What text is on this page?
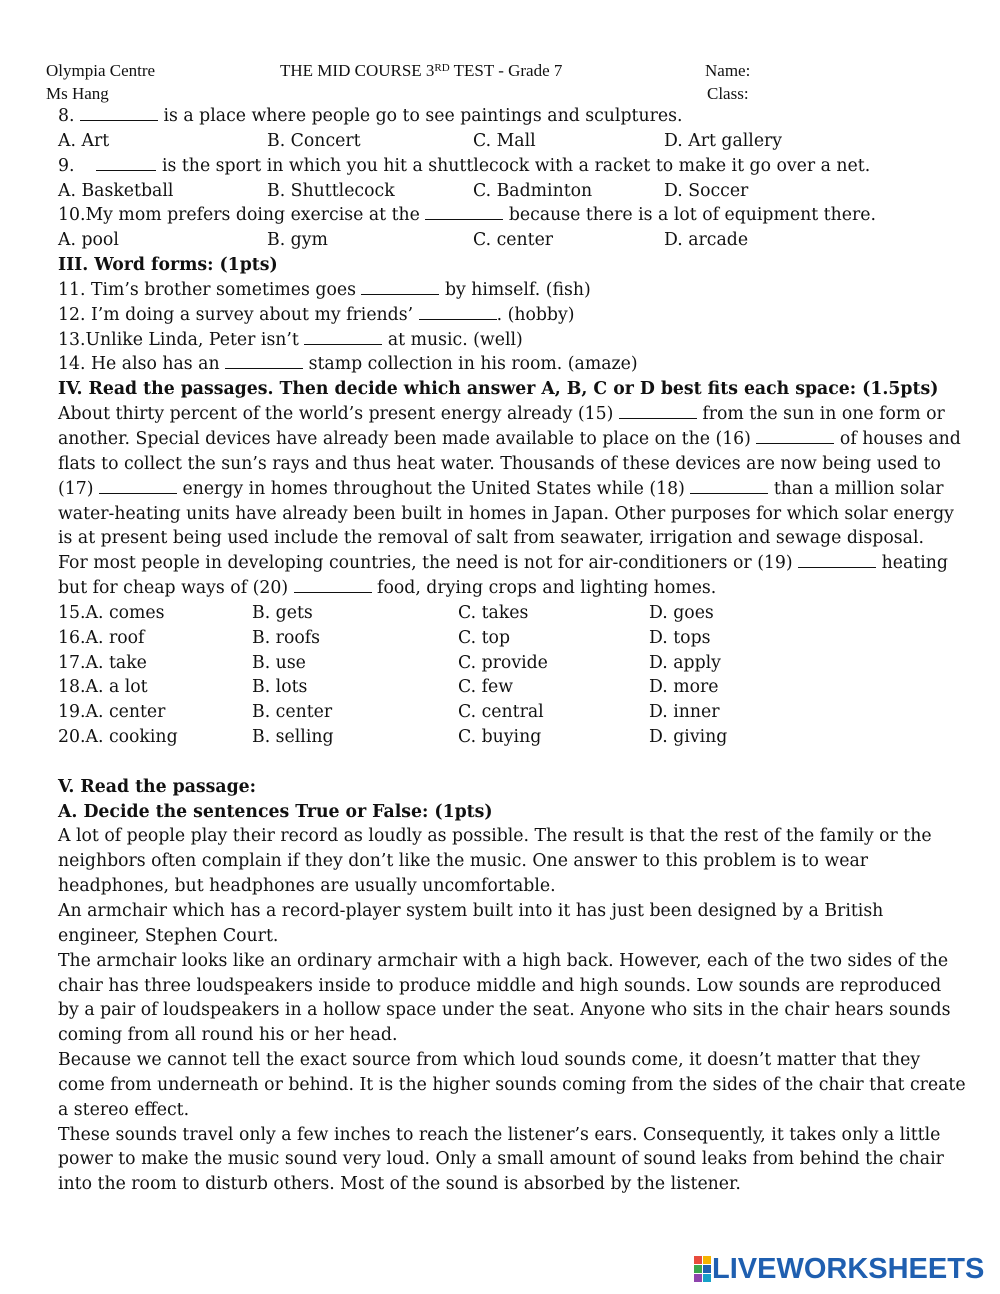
Olympia Centre
Ms Hang
THE MID COURSE 3RD TEST - Grade 7	Name:
Class:
8.	is a place where people go to see paintings and sculptures.
A. Art	B. Concert	C. Mall	D. Art gallery
9.	is the sport in which you hit a shuttlecock with a racket to make it go over a net.
A. Basketball	B. Shuttlecock	C. Badminton	D. Soccer
10.My mom prefers doing exercise at the	because there is a lot of equipment there.
A. pool	B. gym	C. center	D. arcade
III. Word forms: (1pts)
11. Tim’s brother sometimes goes	by himself. (fish)
12. I’m doing a survey about my friends’	. (hobby)
13.Unlike Linda, Peter isn’t	at music. (well)
14. He also has an	stamp collection in his room. (amaze)
IV. Read the passages. Then decide which answer A, B, C or D best fits each space: (1.5pts)
About thirty percent of the world’s present energy already (15)	from the sun in one form or
another. Special devices have already been made available to place on the (16)	of houses and
flats to collect the sun’s rays and thus heat water. Thousands of these devices are now being used to
(17)	energy in homes throughout the United States while (18)	than a million solar
water-heating units have already been built in homes in Japan. Other purposes for which solar energy
is at present being used include the removal of salt from seawater, irrigation and sewage disposal.
For most people in developing countries, the need is not for air-conditioners or (19)	heating
but for cheap ways of (20)	food, drying crops and lighting homes.
15.A. comes	B. gets	C. takes	D. goes
16.A. roof	B. roofs	C. top	D. tops
17.A. take	B. use	C. provide	D. apply
18.A. a lot	B. lots	C. few	D. more
19.A. center	B. center	C. central	D. inner
20.A. cooking	B. selling	C. buying	D. giving
V. Read the passage:
A. Decide the sentences True or False: (1pts)
A lot of people play their record as loudly as possible. The result is that the rest of the family or the
neighbors often complain if they don’t like the music. One answer to this problem is to wear
headphones, but headphones are usually uncomfortable.
An armchair which has a record-player system built into it has just been designed by a British
engineer, Stephen Court.
The armchair looks like an ordinary armchair with a high back. However, each of the two sides of the
chair has three loudspeakers inside to produce middle and high sounds. Low sounds are reproduced
by a pair of loudspeakers in a hollow space under the seat. Anyone who sits in the chair hears sounds
coming from all round his or her head.
Because we cannot tell the exact source from which loud sounds come, it doesn’t matter that they
come from underneath or behind. It is the higher sounds coming from the sides of the chair that create
a stereo effect.
These sounds travel only a few inches to reach the listener’s ears. Consequently, it takes only a little
power to make the music sound very loud. Only a small amount of sound leaks from behind the chair
into the room to disturb others. Most of the sound is absorbed by the listener.
LIVEWORKSHEETS
